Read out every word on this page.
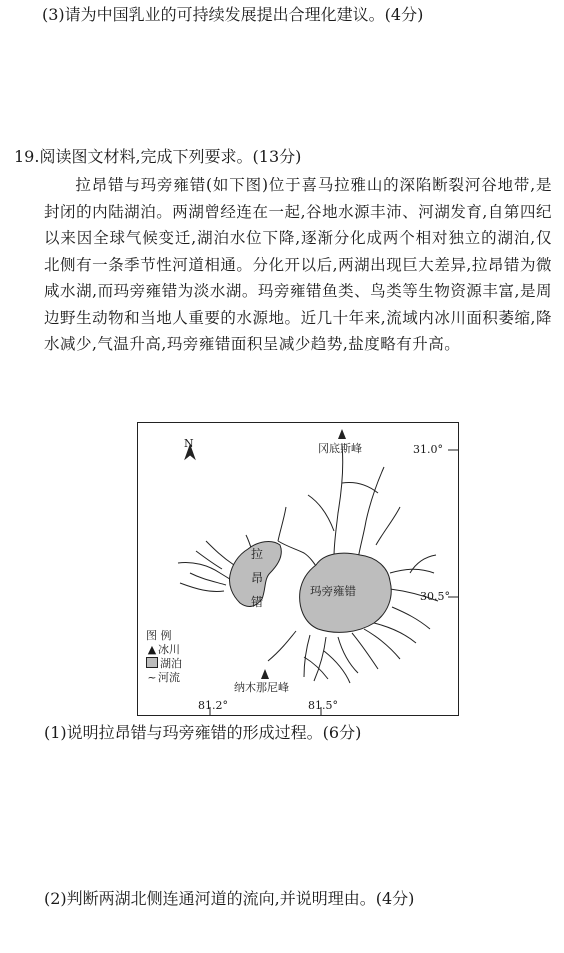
(3)请为中国乳业的可持续发展提出合理化建议。(4分)
19.阅读图文材料,完成下列要求。(13分)
拉昂错与玛旁雍错(如下图)位于喜马拉雅山的深陷断裂河谷地带,是封闭的内陆湖泊。两湖曾经连在一起,谷地水源丰沛、河湖发育,自第四纪以来因全球气候变迁,湖泊水位下降,逐渐分化成两个相对独立的湖泊,仅北侧有一条季节性河道相通。分化开以后,两湖出现巨大差异,拉昂错为微咸水湖,而玛旁雍错为淡水湖。玛旁雍错鱼类、鸟类等生物资源丰富,是周边野生动物和当地人重要的水源地。近几十年来,流域内冰川面积萎缩,降水减少,气温升高,玛旁雍错面积呈减少趋势,盐度略有升高。
N	冈底斯峰	31.0°
30.5°
玛旁雍错
拉
昂
错
纳木那尼峰
81.2°	81.5°
图 例
▲ 冰川
湖泊
~河流
(1)说明拉昂错与玛旁雍错的形成过程。(6分)
(2)判断两湖北侧连通河道的流向,并说明理由。(4分)
